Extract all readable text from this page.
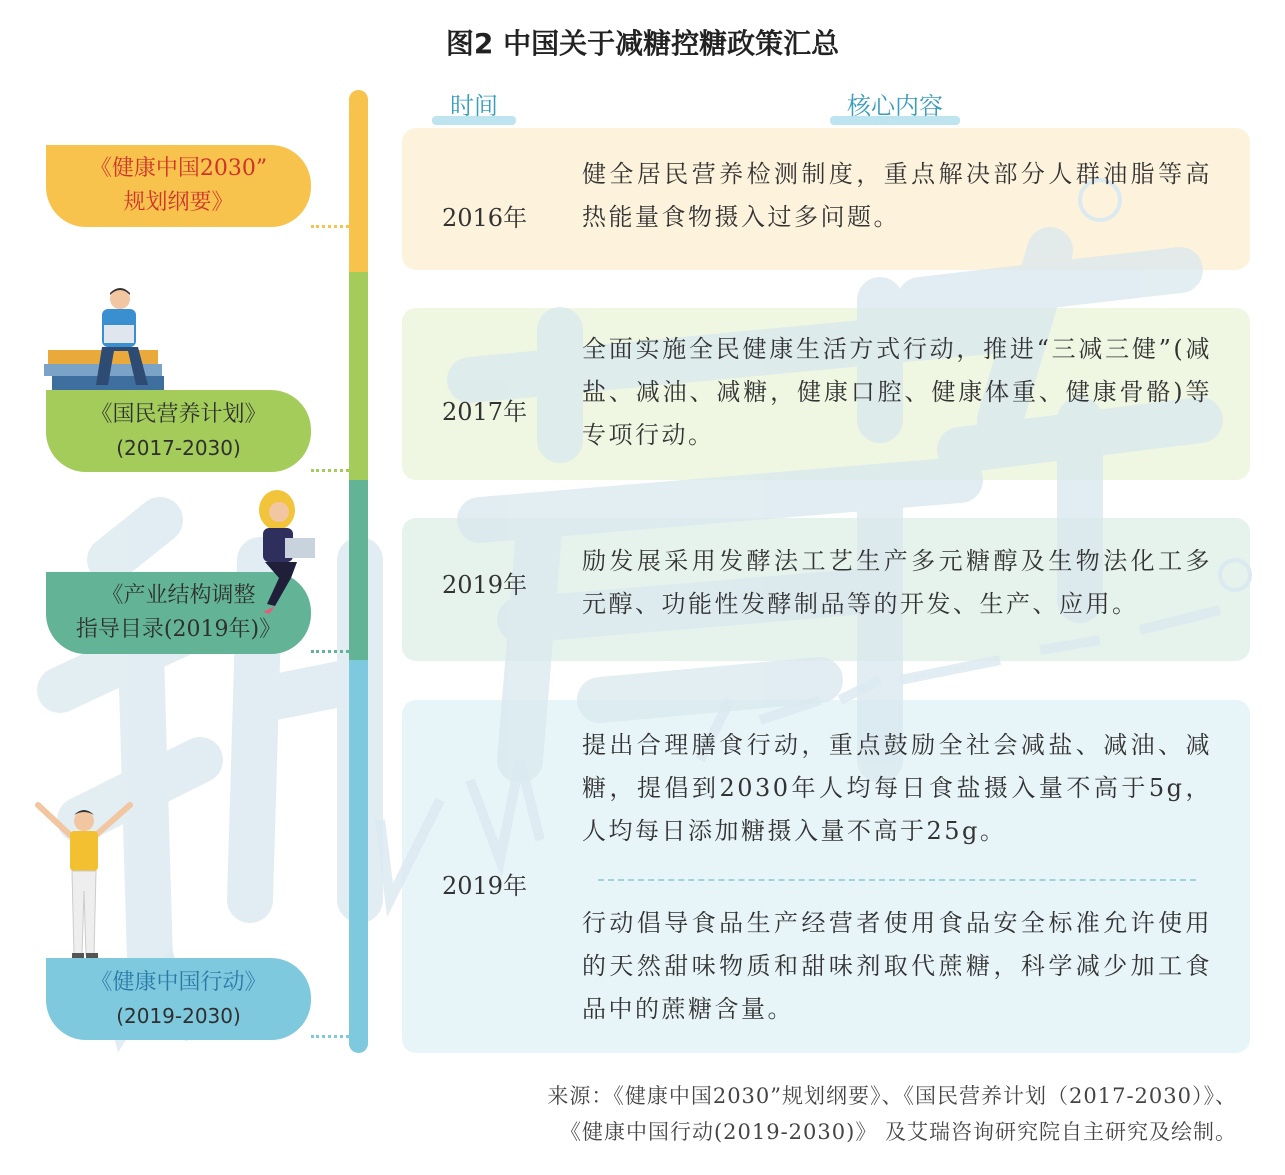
图2 中国关于减糖控糖政策汇总
时间	核心内容
《健康中国2030”
规划纲要》
《国民营养计划》
(2017-2030)
《产业结构调整
指导目录(2019年)》
《健康中国行动》
(2019-2030)
2016年
2017年
2019年
2019年
健全居民营养检测制度，重点解决部分人群油脂等高热能量食物摄入过多问题。
全面实施全民健康生活方式行动，推进“三减三健”(减盐、减油、减糖，健康口腔、健康体重、健康骨骼)等专项行动。
励发展采用发酵法工艺生产多元糖醇及生物法化工多元醇、功能性发酵制品等的开发、生产、应用。
提出合理膳食行动，重点鼓励全社会减盐、减油、减糖，提倡到2030年人均每日食盐摄入量不高于5g，人均每日添加糖摄入量不高于25g。
行动倡导食品生产经营者使用食品安全标准允许使用的天然甜味物质和甜味剂取代蔗糖，科学减少加工食品中的蔗糖含量。
来源：《健康中国2030”规划纲要》、《国民营养计划（2017-2030）》、
《健康中国行动(2019-2030)》 及艾瑞咨询研究院自主研究及绘制。
